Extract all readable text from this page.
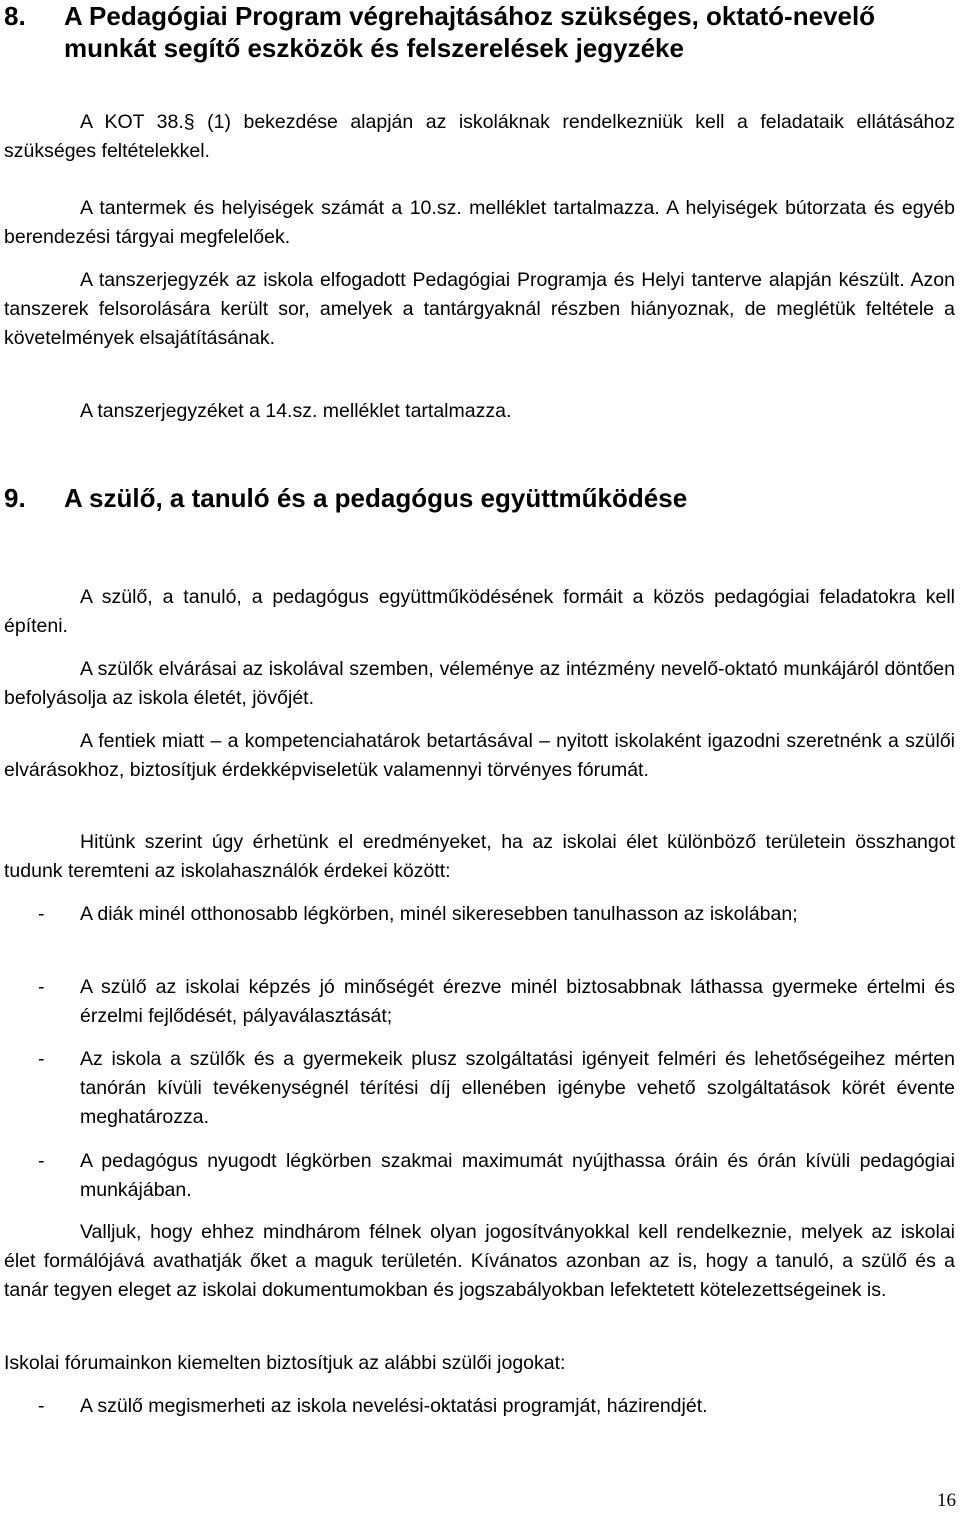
8. A Pedagógiai Program végrehajtásához szükséges, oktató-nevelő munkát segítő eszközök és felszerelések jegyzéke

A KOT 38.§ (1) bekezdése alapján az iskoláknak rendelkezniük kell a feladataik ellátásához szükséges feltételekkel.

A tantermek és helyiségek számát a 10.sz. melléklet tartalmazza. A helyiségek bútorzata és egyéb berendezési tárgyai megfelelőek.

A tanszerjegyzék az iskola elfogadott Pedagógiai Programja és Helyi tanterve alapján készült. Azon tanszerek felsorolására került sor, amelyek a tantárgyaknál részben hiányoznak, de meglétük feltétele a követelmények elsajátításának.

A tanszerjegyzéket a 14.sz. melléklet tartalmazza.

9. A szülő, a tanuló és a pedagógus együttműködése

A szülő, a tanuló, a pedagógus együttműködésének formáit a közös pedagógiai feladatokra kell építeni.

A szülők elvárásai az iskolával szemben, véleménye az intézmény nevelő-oktató munkájáról döntően befolyásolja az iskola életét, jövőjét.

A fentiek miatt – a kompetenciahatárok betartásával – nyitott iskolaként igazodni szeretnénk a szülői elvárásokhoz, biztosítjuk érdekképviseletük valamennyi törvényes fórumát.

Hitünk szerint úgy érhetünk el eredményeket, ha az iskolai élet különböző területein összhangot tudunk teremteni az iskolahasználók érdekei között:

- A diák minél otthonosabb légkörben, minél sikeresebben tanulhasson az iskolában;
- A szülő az iskolai képzés jó minőségét érezve minél biztosabbnak láthassa gyermeke értelmi és érzelmi fejlődését, pályaválasztását;
- Az iskola a szülők és a gyermekeik plusz szolgáltatási igényeit felméri és lehetőségeihez mérten tanórán kívüli tevékenységnél térítési díj ellenében igénybe vehető szolgáltatások körét évente meghatározza.
- A pedagógus nyugodt légkörben szakmai maximumát nyújthassa óráin és órán kívüli pedagógiai munkájában.

Valljuk, hogy ehhez mindhárom félnek olyan jogosítványokkal kell rendelkeznie, melyek az iskolai élet formálójává avathatják őket a maguk területén. Kívánatos azonban az is, hogy a tanuló, a szülő és a tanár tegyen eleget az iskolai dokumentumokban és jogszabályokban lefektetett kötelezettségeinek is.

Iskolai fórumainkon kiemelten biztosítjuk az alábbi szülői jogokat:

- A szülő megismerheti az iskola nevelési-oktatási programját, házirendjét.
16
